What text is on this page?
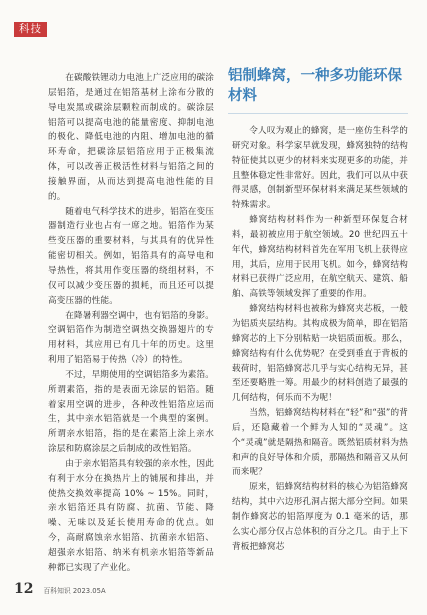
科技

在碳酸铁锂动力电池上广泛应用的碳涂层铝箔，是通过在铝箔基材上涂布分散的导电炭黑或碳涂层颗粒而制成的。碳涂层铝箔可以提高电池的能量密度、抑制电池的极化、降低电池的内阻、增加电池的循环寿命，把碳涂层铝箔应用于正极集流体，可以改善正极活性材料与铝箔之间的接触界面，从而达到提高电池性能的目的。

随着电气科学技术的进步，铝箔在变压器制造行业也占有一席之地。铝箔作为某些变压器的重要材料，与其具有的优异性能密切相关。例如，铝箔具有的高导电和导热性，将其用作变压器的绕组材料，不仅可以减少变压器的损耗，而且还可以提高变压器的性能。

在降暑利器空调中，也有铝箔的身影。空调铝箔作为制造空调热交换器翅片的专用材料，其应用已有几十年的历史。这里利用了铝箔易于传热（冷）的特性。

不过，早期使用的空调铝箔多为素箔。所谓素箔，指的是表面无涂层的铝箔。随着家用空调的进步，各种改性铝箔应运而生，其中亲水铝箔就是一个典型的案例。所谓亲水铝箔，指的是在素箔上涂上亲水涂层和防腐涂层之后制成的改性铝箔。

由于亲水铝箔具有较强的亲水性，因此有利于水分在换热片上的铺展和排出，并使热交换效率提高 10% ~ 15%。同时，亲水铝箔还具有防腐、抗菌、节能、降噪、无味以及延长使用寿命的优点。如今，高耐腐蚀亲水铝箔、抗菌亲水铝箔、超强亲水铝箔、纳米有机亲水铝箔等新品种都已实现了产业化。

铝制蜂窝，一种多功能环保材料

令人叹为观止的蜂窝，是一座仿生科学的研究对象。科学家早就发现，蜂窝独特的结构特征使其以更少的材料来实现更多的功能，并且整体稳定性非常好。因此，我们可以从中获得灵感，创制新型环保材料来满足某些领域的特殊需求。

蜂窝结构材料作为一种新型环保复合材料，最初被应用于航空领域。20 世纪四五十年代，蜂窝结构材料首先在军用飞机上获得应用，其后，应用于民用飞机。如今，蜂窝结构材料已获得广泛应用，在航空航天、建筑、船舶、高铁等领域发挥了重要的作用。

蜂窝结构材料也被称为蜂窝夹芯板，一般为铝质夹层结构。其构成极为简单，即在铝箔蜂窝芯的上下分别粘贴一块铝质面板。那么，蜂窝结构有什么优势呢？在受到垂直于背板的载荷时，铝箔蜂窝芯几乎与实心结构无异，甚至还要略胜一筹。用最少的材料创造了最强的几何结构，何乐而不为呢！

当然，铝蜂窝结构材料在“轻”和“强”的背后，还隐藏着一个鲜为人知的“灵魂”。这个“灵魂”就是隔热和隔音。既然铝质材料为热和声的良好导体和介质，那隔热和隔音又从何而来呢？

原来，铝蜂窝结构材料的核心为铝箔蜂窝结构，其中六边形孔洞占据大部分空间。如果制作蜂窝芯的铝箔厚度为 0.1 毫米的话，那么实心部分仅占总体积的百分之几。由于上下背板把蜂窝芯

12 百科知识 2023.05A
